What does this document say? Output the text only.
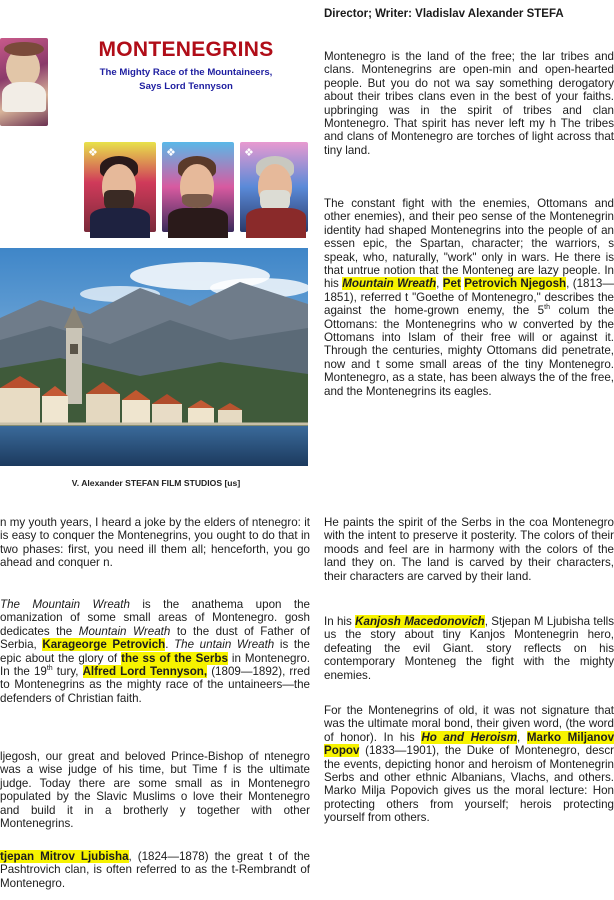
Director; Writer: Vladislav Alexander STEFA
MONTENEGRINS
The Mighty Race of the Mountaineers,
Says Lord Tennyson
❖	❖	❖
V. Alexander STEFAN FILM STUDIOS [us]

Montenegro is the land of the free; the lar tribes and clans. Montenegrins are open-min and open-hearted people. But you do not wa say something derogatory about their tribes clans even in the best of your faiths. upbringing was in the spirit of tribes and clan Montenegro. That spirit has never left my h The tribes and clans of Montenegro are torches of light across that tiny land.

The constant fight with the enemies, Ottomans and other enemies), and their peo sense of the Montenegrin identity had shaped Montenegrins into the people of an essen epic, the Spartan, character; the warriors, s speak, who, naturally, "work" only in wars. He there is that untrue notion that the Monteneg are lazy people. In his Mountain Wreath, Pet Petrovich Njegosh, (1813—1851), referred t "Goethe of Montenegro," describes the against the home-grown enemy, the 5th colum the Ottomans: the Montenegrins who w converted by the Ottomans into Islam of their free will or against it. Through the centuries, mighty Ottomans did penetrate, now and t some small areas of the tiny Montenegro. Montenegro, as a state, has been always the of the free, and the Montenegrins its eagles.

n my youth years, I heard a joke by the elders of ntenegro: it is easy to conquer the Montenegrins, you ought to do that in two phases: first, you need ill them all; henceforth, you go ahead and conquer n.

The Mountain Wreath is the anathema upon the omanization of some small areas of Montenegro. gosh dedicates the Mountain Wreath to the dust of Father of Serbia, Karageorge Petrovich. The untain Wreath is the epic about the glory of the ss of the Serbs in Montenegro. In the 19th tury, Alfred Lord Tennyson, (1809—1892), rred to Montenegrins as the mighty race of the untaineers—the defenders of Christian faith.

ljegosh, our great and beloved Prince-Bishop of ntenegro was a wise judge of his time, but Time f is the ultimate judge. Today there are some small as in Montenegro populated by the Slavic Muslims o love their Montenegro and build it in a brotherly y together with other Montenegrins.

tjepan Mitrov Ljubisha, (1824—1878) the great t of the Pashtrovich clan, is often referred to as the t-Rembrandt of Montenegro.

He paints the spirit of the Serbs in the coa Montenegro with the intent to preserve it posterity. The colors of their moods and feel are in harmony with the colors of the land they on. The land is carved by their characters, their characters are carved by their land.

In his Kanjosh Macedonovich, Stjepan M Ljubisha tells us the story about tiny Kanjos Montenegrin hero, defeating the evil Giant. story reflects on his contemporary Monteneg the fight with the mighty enemies.

For the Montenegrins of old, it was not signature that was the ultimate moral bond, their given word, (the word of honor). In his Ho and Heroism, Marko Miljanov Popov (1833—1901), the Duke of Montenegro, descr the events, depicting honor and heroism of Montenegrin Serbs and other ethnic Albanians, Vlachs, and others. Marko Milja Popovich gives us the moral lecture: Hon protecting others from yourself; herois protecting yourself from others.
